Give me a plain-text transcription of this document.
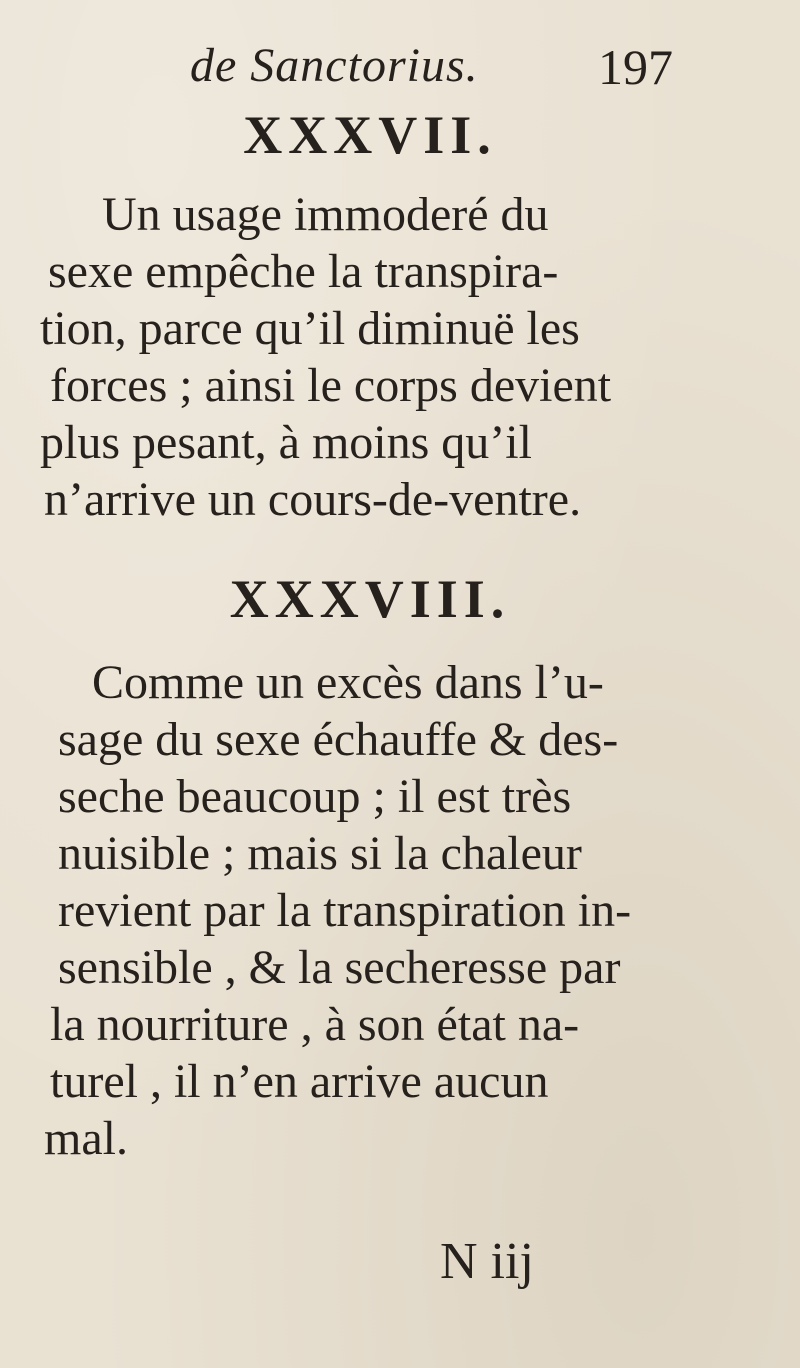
de Sanctorius. 197
XXXVII.
Un usage immoderé du
sexe empêche la transpira-
tion, parce qu’il diminuë les
forces ; ainsi le corps devient
plus pesant, à moins qu’il
n’arrive un cours-de-ventre.
XXXVIII.
Comme un excès dans l’u-
sage du sexe échauffe & des-
seche beaucoup ; il est très
nuisible ; mais si la chaleur
revient par la transpiration in-
sensible , & la secheresse par
la nourriture , à son état na-
turel , il n’en arrive aucun
mal.
N iij
